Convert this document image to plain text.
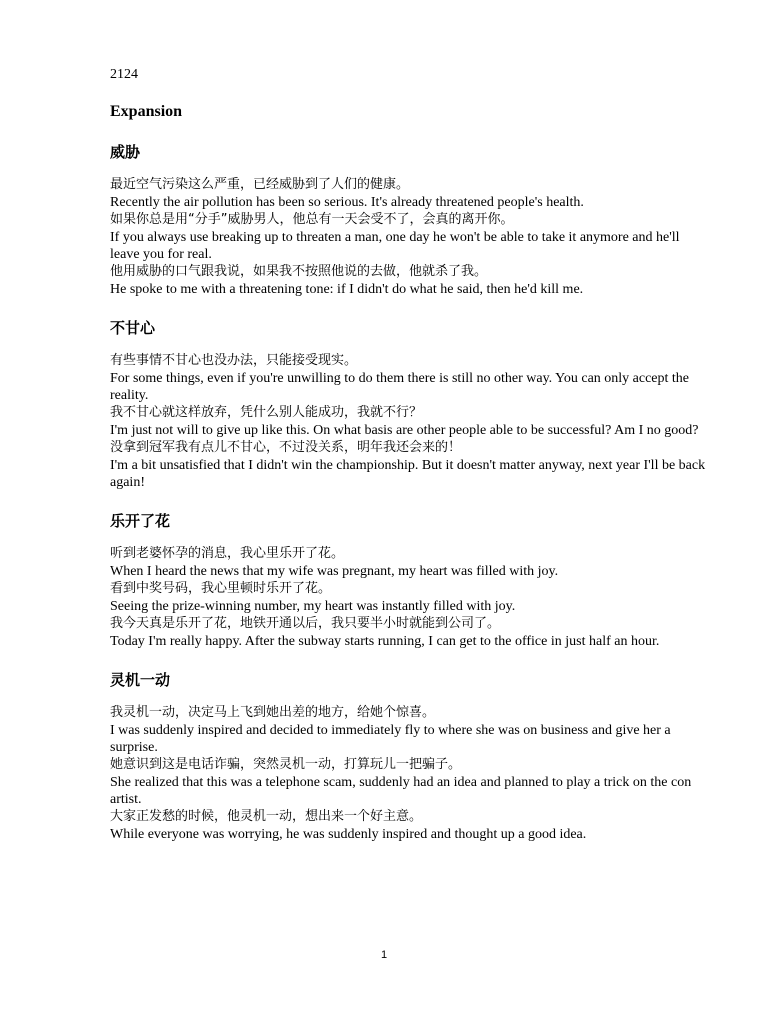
2124

Expansion
威胁

最近空气污染这么严重，已经威胁到了人们的健康。

Recently the air pollution has been so serious. It's already threatened people's health.

如果你总是用“分手”威胁男人，他总有一天会受不了，会真的离开你。

If you always use breaking up to threaten a man, one day he won't be able to take it anymore and he'll leave you for real.

他用威胁的口气跟我说，如果我不按照他说的去做，他就杀了我。

He spoke to me with a threatening tone: if I didn't do what he said, then he'd kill me.

不甘心

有些事情不甘心也没办法，只能接受现实。

For some things, even if you're unwilling to do them there is still no other way. You can only accept the reality.

我不甘心就这样放弃，凭什么别人能成功，我就不行？

I'm just not will to give up like this. On what basis are other people able to be successful? Am I no good?

没拿到冠军我有点儿不甘心，不过没关系，明年我还会来的！

I'm a bit unsatisfied that I didn't win the championship. But it doesn't matter anyway, next year I'll be back again!

乐开了花

听到老婆怀孕的消息，我心里乐开了花。

When I heard the news that my wife was pregnant, my heart was filled with joy.

看到中奖号码，我心里顿时乐开了花。

Seeing the prize-winning number, my heart was instantly filled with joy.

我今天真是乐开了花，地铁开通以后，我只要半小时就能到公司了。

Today I'm really happy. After the subway starts running, I can get to the office in just half an hour.

灵机一动

我灵机一动，决定马上飞到她出差的地方，给她个惊喜。

I was suddenly inspired and decided to immediately fly to where she was on business and give her a surprise.

她意识到这是电话诈骗，突然灵机一动，打算玩儿一把骗子。

She realized that this was a telephone scam, suddenly had an idea and planned to play a trick on the con artist.

大家正发愁的时候，他灵机一动，想出来一个好主意。

While everyone was worrying, he was suddenly inspired and thought up a good idea.

1
